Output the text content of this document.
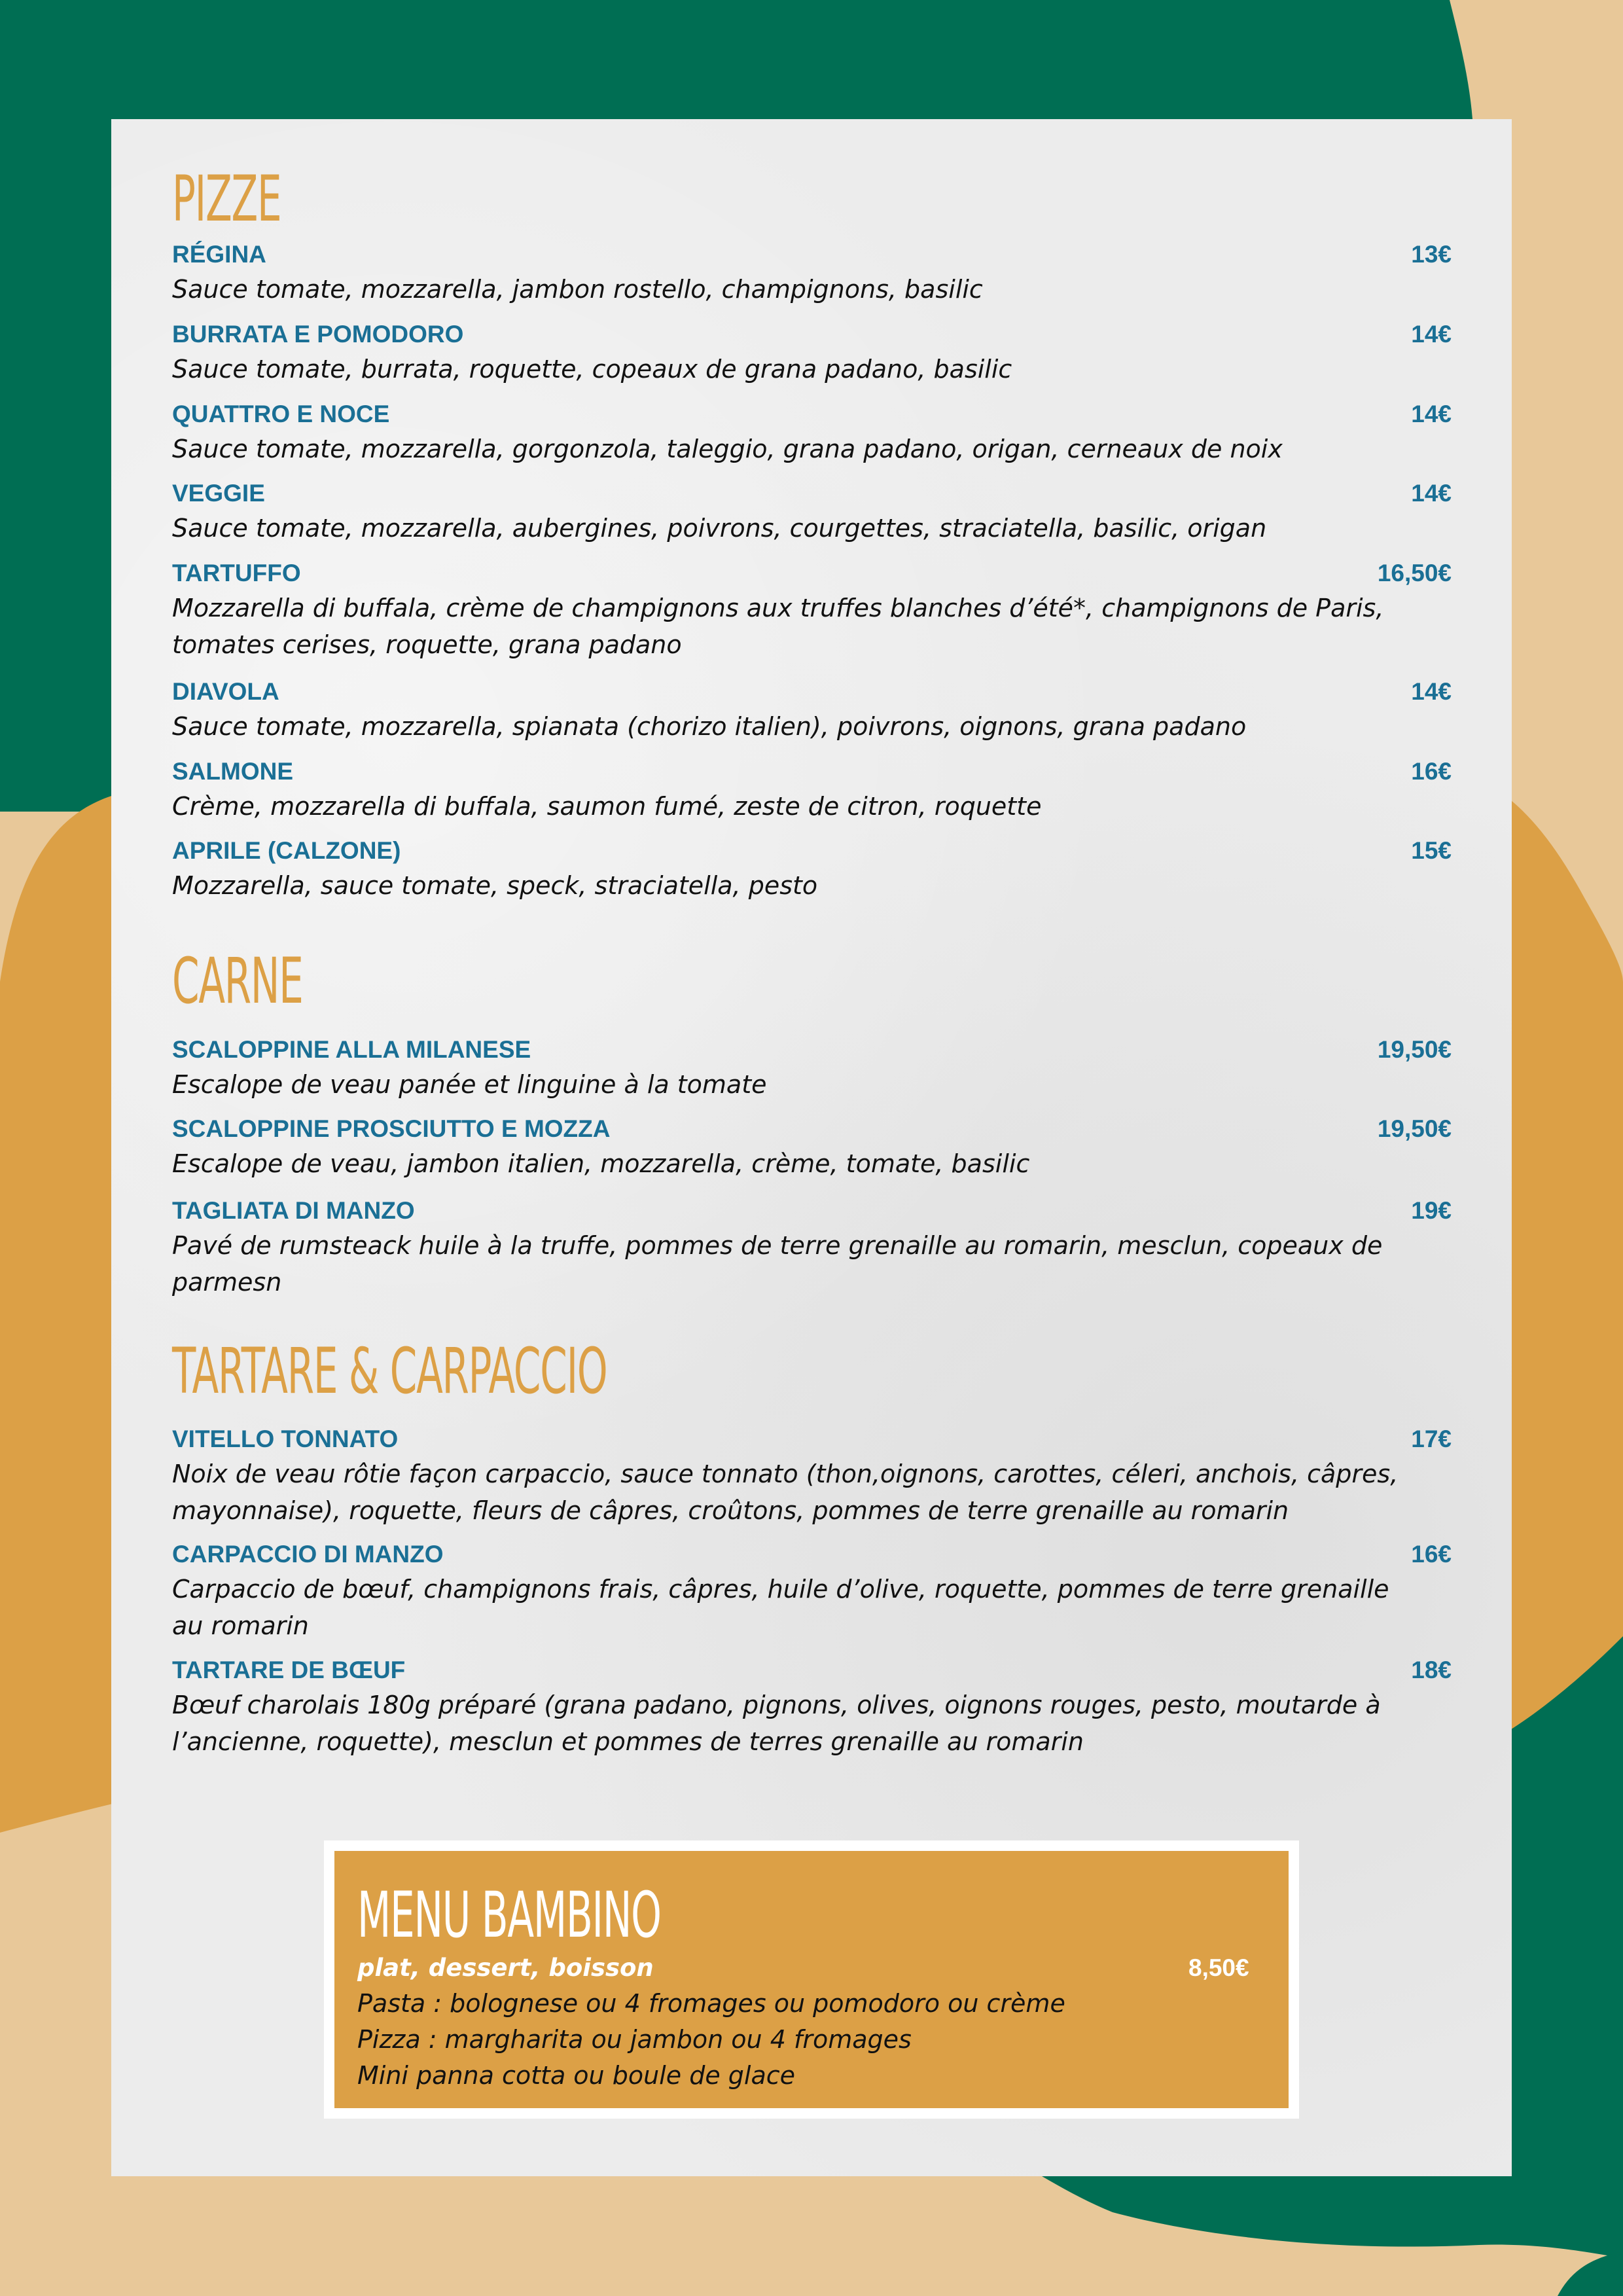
PIZZE
RÉGINA	13€
Sauce tomate, mozzarella, jambon rostello, champignons, basilic
BURRATA E POMODORO	14€
Sauce tomate, burrata, roquette, copeaux de grana padano, basilic
QUATTRO E NOCE	14€
Sauce tomate, mozzarella, gorgonzola, taleggio, grana padano, origan, cerneaux de noix
VEGGIE	14€
Sauce tomate, mozzarella, aubergines, poivrons, courgettes, straciatella, basilic, origan
TARTUFFO	16,50€
Mozzarella di buffala, crème de champignons aux truffes blanches d’été*, champignons de Paris,
tomates cerises, roquette, grana padano
DIAVOLA	14€
Sauce tomate, mozzarella, spianata (chorizo italien), poivrons, oignons, grana padano
SALMONE	16€
Crème, mozzarella di buffala, saumon fumé, zeste de citron, roquette
APRILE (CALZONE)	15€
Mozzarella, sauce tomate, speck, straciatella, pesto
CARNE
SCALOPPINE ALLA MILANESE	19,50€
Escalope de veau panée et linguine à la tomate
SCALOPPINE PROSCIUTTO E MOZZA	19,50€
Escalope de veau, jambon italien, mozzarella, crème, tomate, basilic
TAGLIATA DI MANZO	19€
Pavé de rumsteack huile à la truffe, pommes de terre grenaille au romarin, mesclun, copeaux de
parmesn
TARTARE & CARPACCIO
VITELLO TONNATO	17€
Noix de veau rôtie façon carpaccio, sauce tonnato (thon,oignons, carottes, céleri, anchois, câpres,
mayonnaise), roquette, fleurs de câpres, croûtons, pommes de terre grenaille au romarin
CARPACCIO DI MANZO	16€
Carpaccio de bœuf, champignons frais, câpres, huile d’olive, roquette, pommes de terre grenaille
au romarin
TARTARE DE BŒUF	18€
Bœuf charolais 180g préparé (grana padano, pignons, olives, oignons rouges, pesto, moutarde à
l’ancienne, roquette), mesclun et pommes de terres grenaille au romarin
MENU BAMBINO
plat, dessert, boisson	8,50€
Pasta : bolognese ou 4 fromages ou pomodoro ou crème
Pizza : margharita ou jambon ou 4 fromages
Mini panna cotta ou boule de glace
